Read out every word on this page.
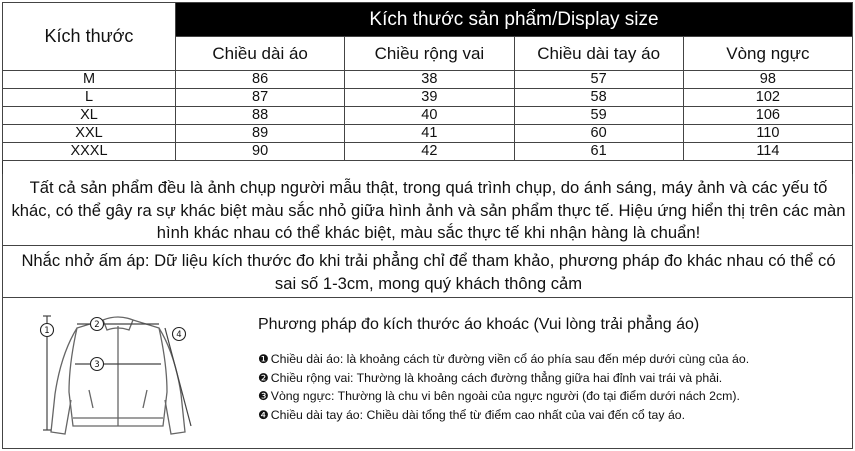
Kích thước	Kích thước sản phẩm/Display size			
	Chiều dài áo	Chiều rộng vai	Chiều dài tay áo	Vòng ngực
M	86	38	57	98
L	87	39	58	102
XL	88	40	59	106
XXL	89	41	60	110
XXXL	90	42	61	114
Tất cả sản phẩm đều là ảnh chụp người mẫu thật, trong quá trình chụp, do ánh sáng, máy ảnh và các yếu tố khác, có thể gây ra sự khác biệt màu sắc nhỏ giữa hình ảnh và sản phẩm thực tế. Hiệu ứng hiển thị trên các màn hình khác nhau có thể khác biệt, màu sắc thực tế khi nhận hàng là chuẩn!
Nhắc nhở ấm áp: Dữ liệu kích thước đo khi trải phẳng chỉ để tham khảo, phương pháp đo khác nhau có thể có sai số 1-3cm, mong quý khách thông cảm
1
2
3
4
Phương pháp đo kích thước áo khoác (Vui lòng trải phẳng áo)
❶ Chiều dài áo: là khoảng cách từ đường viền cổ áo phía sau đến mép dưới cùng của áo.
❷ Chiều rộng vai: Thường là khoảng cách đường thẳng giữa hai đỉnh vai trái và phải.
❸ Vòng ngực: Thường là chu vi bên ngoài của ngực người (đo tại điểm dưới nách 2cm).
❹ Chiều dài tay áo: Chiều dài tổng thể từ điểm cao nhất của vai đến cổ tay áo.
